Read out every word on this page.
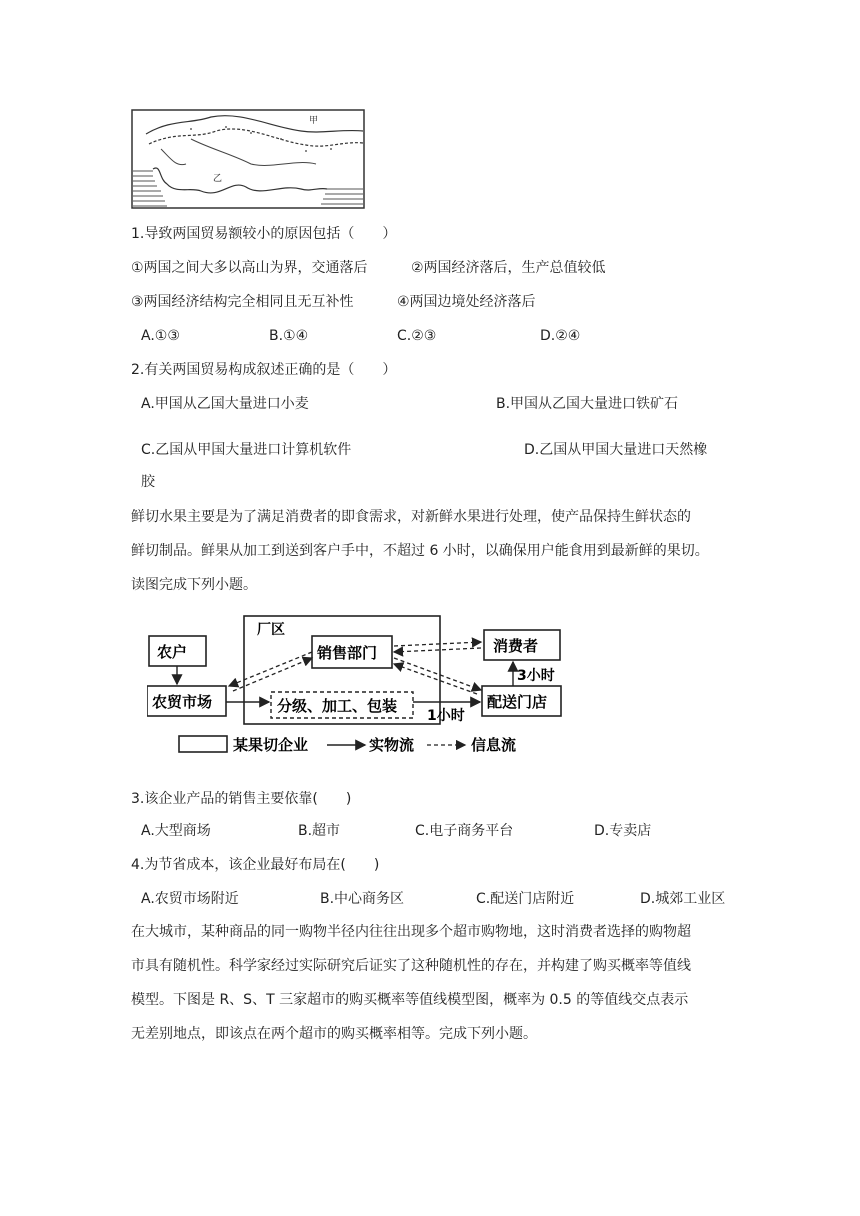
甲
乙
1.导致两国贸易额较小的原因包括（　　）
①两国之间大多以高山为界，交通落后	②两国经济落后，生产总值较低
③两国经济结构完全相同且无互补性	④两国边境处经济落后
A.①③	B.①④	C.②③	D.②④
2.有关两国贸易构成叙述正确的是（　　）
A.甲国从乙国大量进口小麦	B.甲国从乙国大量进口铁矿石
C.乙国从甲国大量进口计算机软件	D.乙国从甲国大量进口天然橡
胶
鲜切水果主要是为了满足消费者的即食需求，对新鲜水果进行处理，使产品保持生鲜状态的
鲜切制品。鲜果从加工到送到客户手中，不超过 6 小时，以确保用户能食用到最新鲜的果切。
读图完成下列小题。
厂区
农户
农贸市场
销售部门
分级、加工、包装
消费者
配送门店
3小时
1小时
某果切企业	实物流	信息流
3.该企业产品的销售主要依靠(　　)
A.大型商场	B.超市	C.电子商务平台	D.专卖店
4.为节省成本，该企业最好布局在(　　)
A.农贸市场附近	B.中心商务区	C.配送门店附近	D.城郊工业区
在大城市，某种商品的同一购物半径内往往出现多个超市购物地，这时消费者选择的购物超
市具有随机性。科学家经过实际研究后证实了这种随机性的存在，并构建了购买概率等值线
模型。下图是 R、S、T 三家超市的购买概率等值线模型图，概率为 0.5 的等值线交点表示
无差别地点，即该点在两个超市的购买概率相等。完成下列小题。
